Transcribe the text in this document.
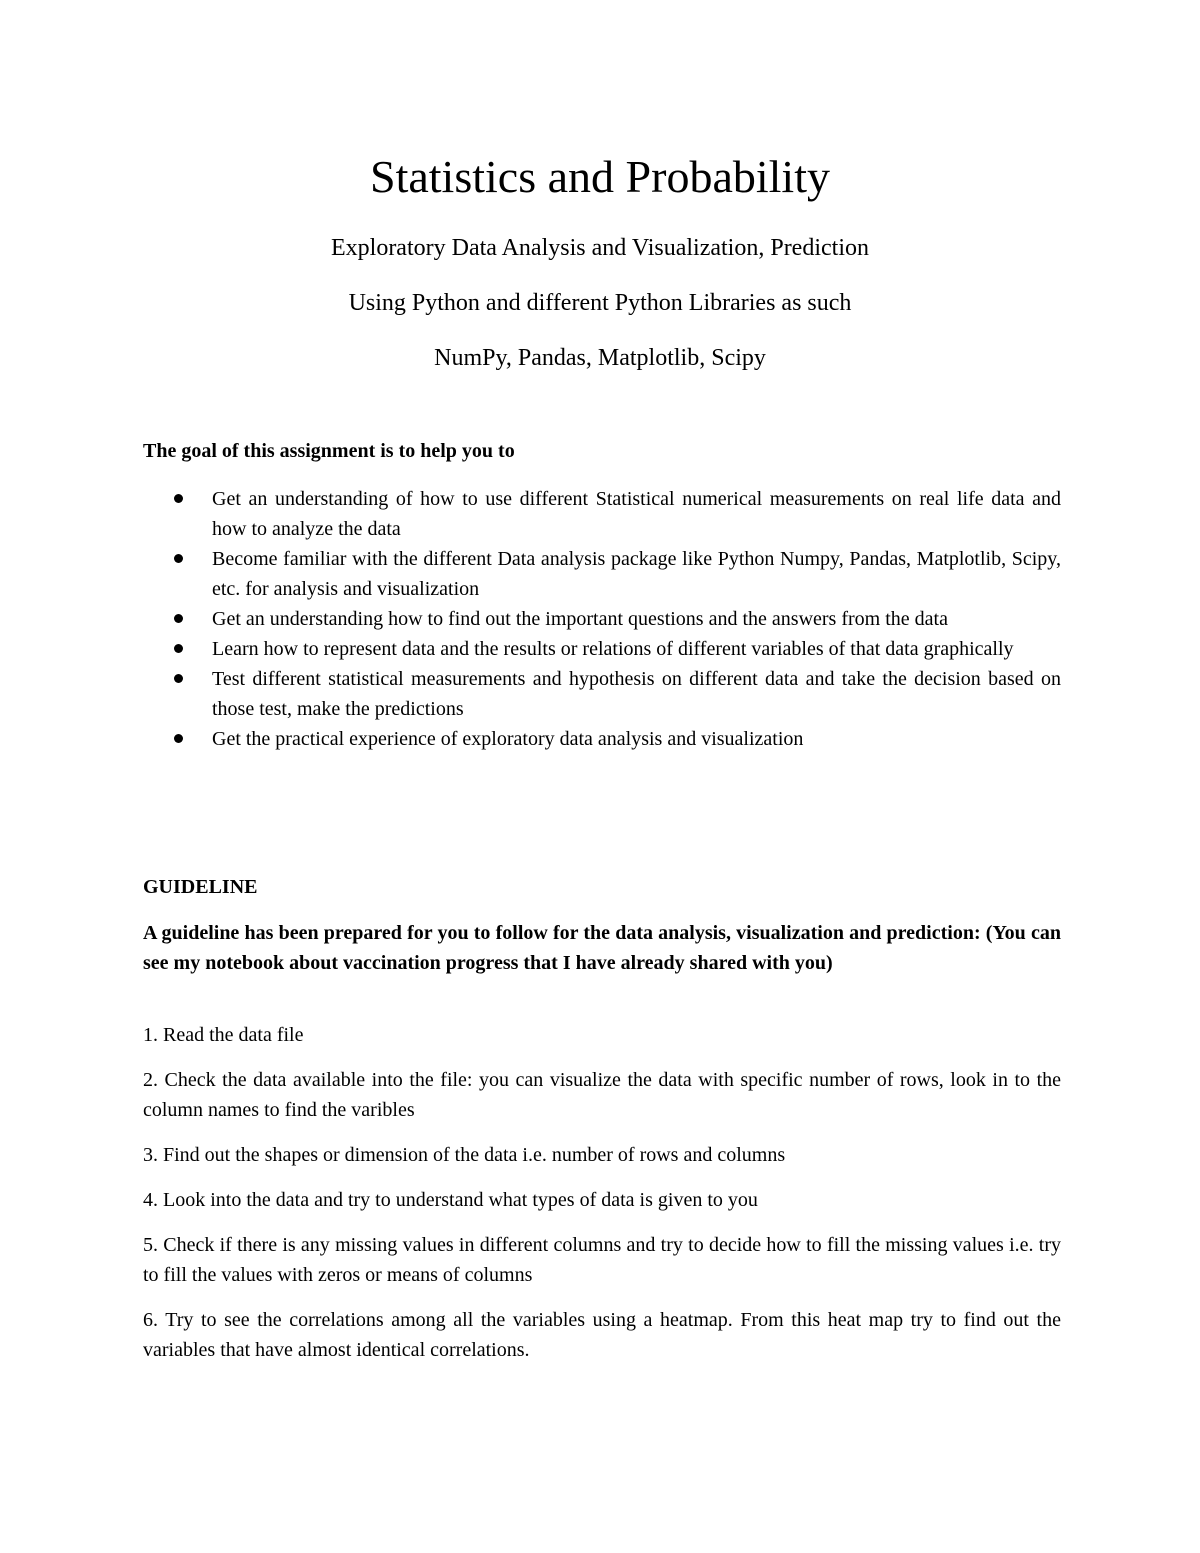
Statistics and Probability

Exploratory Data Analysis and Visualization, Prediction

Using Python and different Python Libraries as such

NumPy, Pandas, Matplotlib, Scipy

The goal of this assignment is to help you to

Get an understanding of how to use different Statistical numerical measurements on real life data and how to analyze the data
Become familiar with the different Data analysis package like Python Numpy, Pandas, Matplotlib, Scipy, etc. for analysis and visualization
Get an understanding how to find out the important questions and the answers from the data
Learn how to represent data and the results or relations of different variables of that data graphically
Test different statistical measurements and hypothesis on different data and take the decision based on those test, make the predictions
Get the practical experience of exploratory data analysis and visualization

GUIDELINE

A guideline has been prepared for you to follow for the data analysis, visualization and prediction: (You can see my notebook about vaccination progress that I have already shared with you)

1. Read the data file

2. Check the data available into the file: you can visualize the data with specific number of rows, look in to the column names to find the varibles

3. Find out the shapes or dimension of the data i.e. number of rows and columns

4. Look into the data and try to understand what types of data is given to you

5. Check if there is any missing values in different columns and try to decide how to fill the missing values i.e. try to fill the values with zeros or means of columns

6. Try to see the correlations among all the variables using a heatmap. From this heat map try to find out the variables that have almost identical correlations.
